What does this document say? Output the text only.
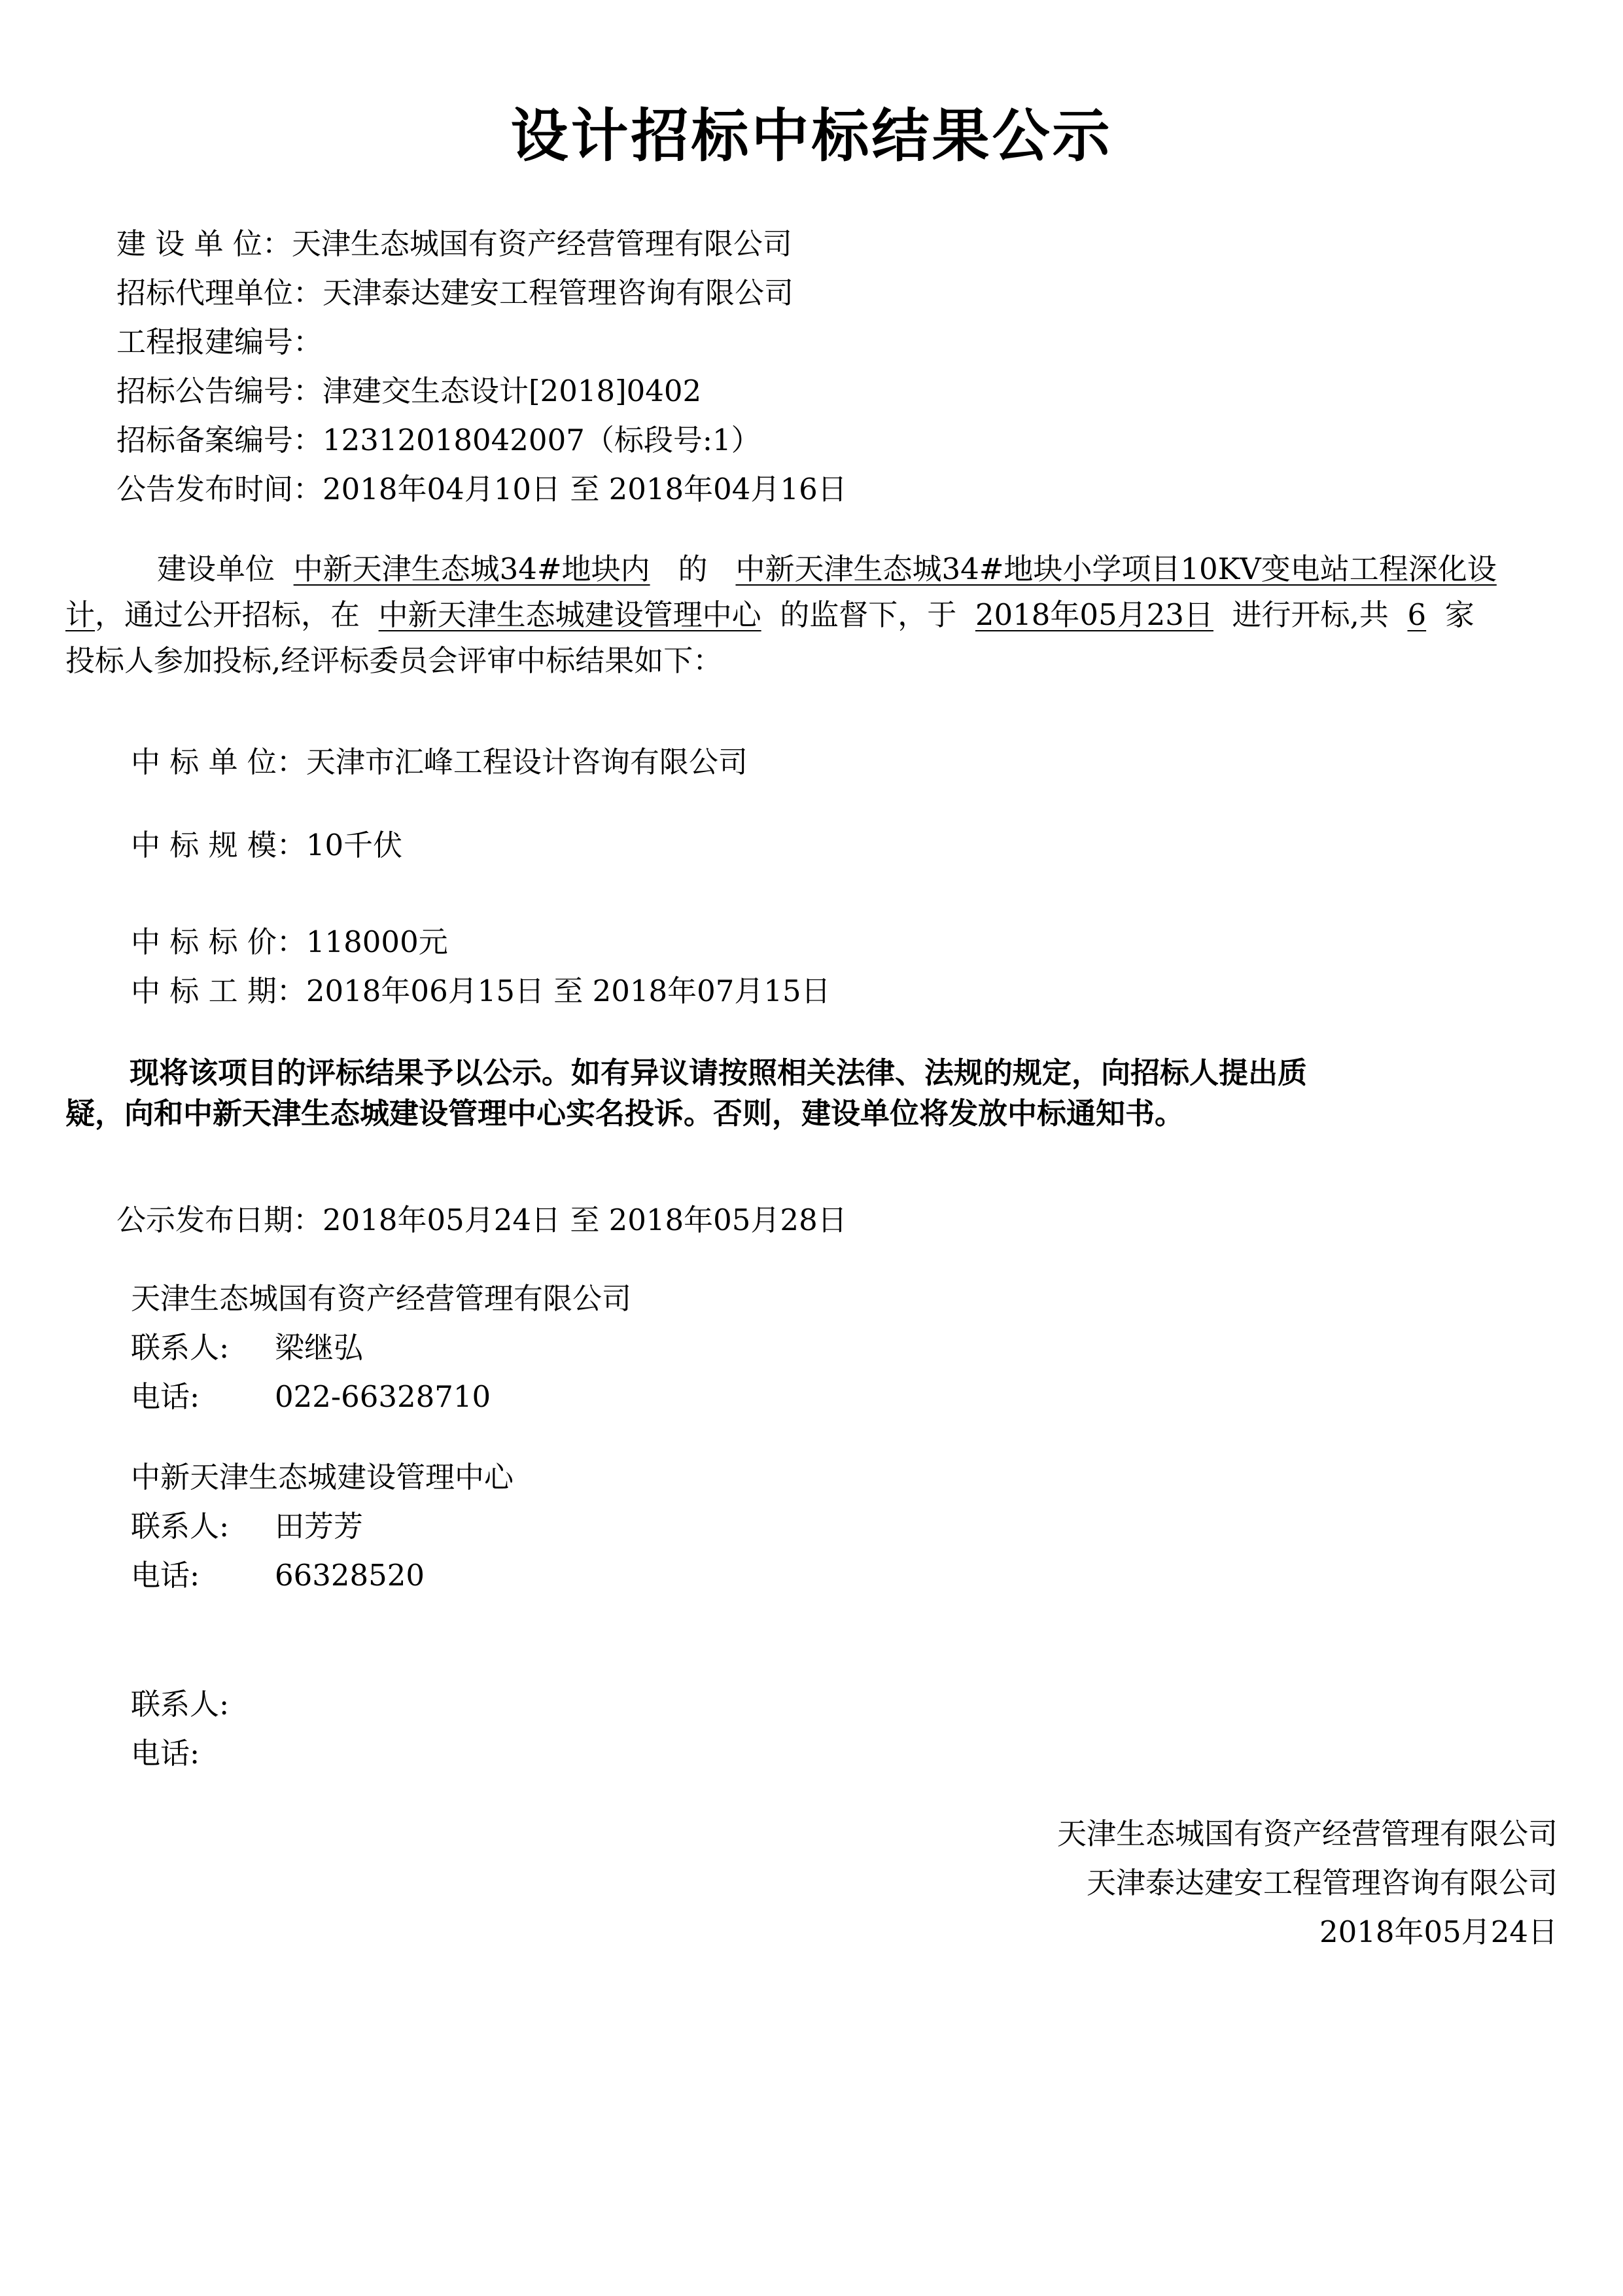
设计招标中标结果公示
建 设 单 位：天津生态城国有资产经营管理有限公司
招标代理单位：天津泰达建安工程管理咨询有限公司
工程报建编号：
招标公告编号：津建交生态设计[2018]0402
招标备案编号：12312018042007（标段号:1）
公告发布时间：2018年04月10日 至 2018年04月16日
建设单位 中新天津生态城34#地块内 的 中新天津生态城34#地块小学项目10KV变电站工程深化设
计，通过公开招标，在 中新天津生态城建设管理中心 的监督下，于 2018年05月23日 进行开标,共 6 家
投标人参加投标,经评标委员会评审中标结果如下：
中 标 单 位：天津市汇峰工程设计咨询有限公司
中 标 规 模：10千伏
中 标 标 价：118000元
中 标 工 期：2018年06月15日 至 2018年07月15日
现将该项目的评标结果予以公示。如有异议请按照相关法律、法规的规定，向招标人提出质
疑，向和中新天津生态城建设管理中心实名投诉。否则，建设单位将发放中标通知书。
公示发布日期：2018年05月24日 至 2018年05月28日
天津生态城国有资产经营管理有限公司
联系人: 梁继弘
电话:	022-66328710
中新天津生态城建设管理中心
联系人: 田芳芳
电话:	66328520
联系人:
电话:
天津生态城国有资产经营管理有限公司
天津泰达建安工程管理咨询有限公司
2018年05月24日
